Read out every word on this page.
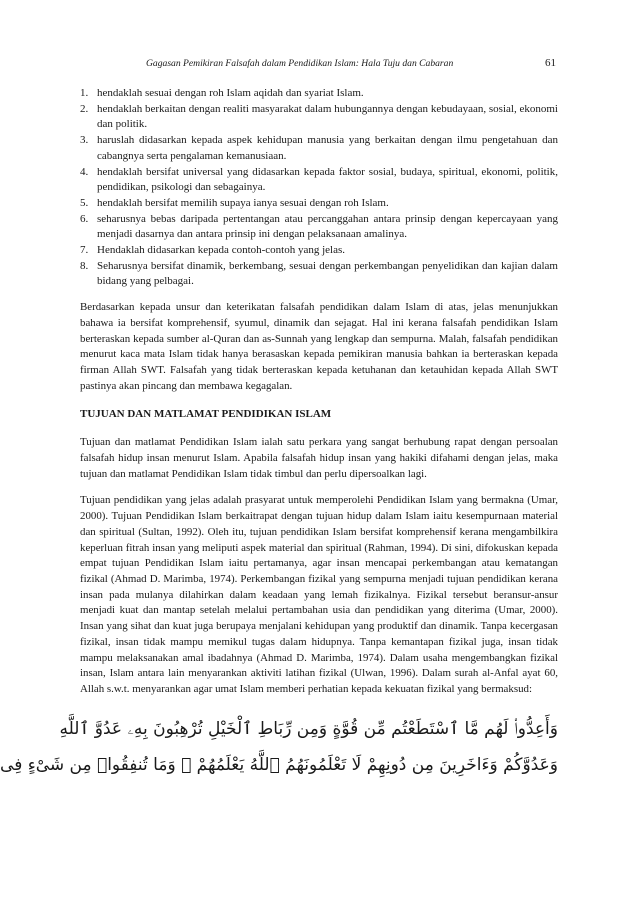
Gagasan Pemikiran Falsafah dalam Pendidikan Islam: Hala Tuju dan Cabaran	61
1. hendaklah sesuai dengan roh Islam aqidah dan syariat Islam.
2. hendaklah berkaitan dengan realiti masyarakat dalam hubungannya dengan kebudayaan, sosial, ekonomi dan politik.
3. haruslah didasarkan kepada aspek kehidupan manusia yang berkaitan dengan ilmu pengetahuan dan cabangnya serta pengalaman kemanusiaan.
4. hendaklah bersifat universal yang didasarkan kepada faktor sosial, budaya, spiritual, ekonomi, politik, pendidikan, psikologi dan sebagainya.
5. hendaklah bersifat memilih supaya ianya sesuai dengan roh Islam.
6. seharusnya bebas daripada pertentangan atau percanggahan antara prinsip dengan kepercayaan yang menjadi dasarnya dan antara prinsip ini dengan pelaksanaan amalinya.
7. Hendaklah didasarkan kepada contoh-contoh yang jelas.
8. Seharusnya bersifat dinamik, berkembang, sesuai dengan perkembangan penyelidikan dan kajian dalam bidang yang pelbagai.

Berdasarkan kepada unsur dan keterikatan falsafah pendidikan dalam Islam di atas, jelas menunjukkan bahawa ia bersifat komprehensif, syumul, dinamik dan sejagat. Hal ini kerana falsafah pendidikan Islam berteraskan kepada sumber al-Quran dan as-Sunnah yang lengkap dan sempurna. Malah, falsafah pendidikan menurut kaca mata Islam tidak hanya berasaskan kepada pemikiran manusia bahkan ia berteraskan kepada firman Allah SWT. Falsafah yang tidak berteraskan kepada ketuhanan dan ketauhidan kepada Allah SWT pastinya akan pincang dan membawa kegagalan.

TUJUAN DAN MATLAMAT PENDIDIKAN ISLAM

Tujuan dan matlamat Pendidikan Islam ialah satu perkara yang sangat berhubung rapat dengan persoalan falsafah hidup insan menurut Islam. Apabila falsafah hidup insan yang hakiki difahami dengan jelas, maka tujuan dan matlamat Pendidikan Islam tidak timbul dan perlu dipersoalkan lagi.

Tujuan pendidikan yang jelas adalah prasyarat untuk memperolehi Pendidikan Islam yang bermakna (Umar, 2000). Tujuan Pendidikan Islam berkaitrapat dengan tujuan hidup dalam Islam iaitu kesempurnaan material dan spiritual (Sultan, 1992). Oleh itu, tujuan pendidikan Islam bersifat komprehensif kerana mengambilkira keperluan fitrah insan yang meliputi aspek material dan spiritual (Rahman, 1994). Di sini, difokuskan kepada empat tujuan Pendidikan Islam iaitu pertamanya, agar insan mencapai perkembangan atau kematangan fizikal (Ahmad D. Marimba, 1974). Perkembangan fizikal yang sempurna menjadi tujuan pendidikan kerana insan pada mulanya dilahirkan dalam keadaan yang lemah fizikalnya. Fizikal tersebut beransur-ansur menjadi kuat dan mantap setelah melalui pertambahan usia dan pendidikan yang diterima (Umar, 2000). Insan yang sihat dan kuat juga berupaya menjalani kehidupan yang produktif dan dinamik. Tanpa kecergasan fizikal, insan tidak mampu memikul tugas dalam hidupnya. Tanpa kemantapan fizikal juga, insan tidak mampu melaksanakan amal ibadahnya (Ahmad D. Marimba, 1974). Dalam usaha mengembangkan fizikal insan, Islam antara lain menyarankan aktiviti latihan fizikal (Ulwan, 1996). Dalam surah al-Anfal ayat 60, Allah s.w.t. menyarankan agar umat Islam memberi perhatian kepada kekuatan fizikal yang bermaksud:

وَأَعِدُّوا۟ لَهُم مَّا ٱسْتَطَعْتُم مِّن قُوَّةٍ وَمِن رِّبَاطِ ٱلْخَيْلِ تُرْهِبُونَ بِهِۦ عَدُوَّ ٱللَّهِ

وَعَدُوَّكُمْ وَءَاخَرِينَ مِن دُونِهِمْ لَا تَعْلَمُونَهُمُ ٱللَّهُ يَعْلَمُهُمْ ۚ وَمَا تُنفِقُوا۟ مِن شَىْءٍ فِى
